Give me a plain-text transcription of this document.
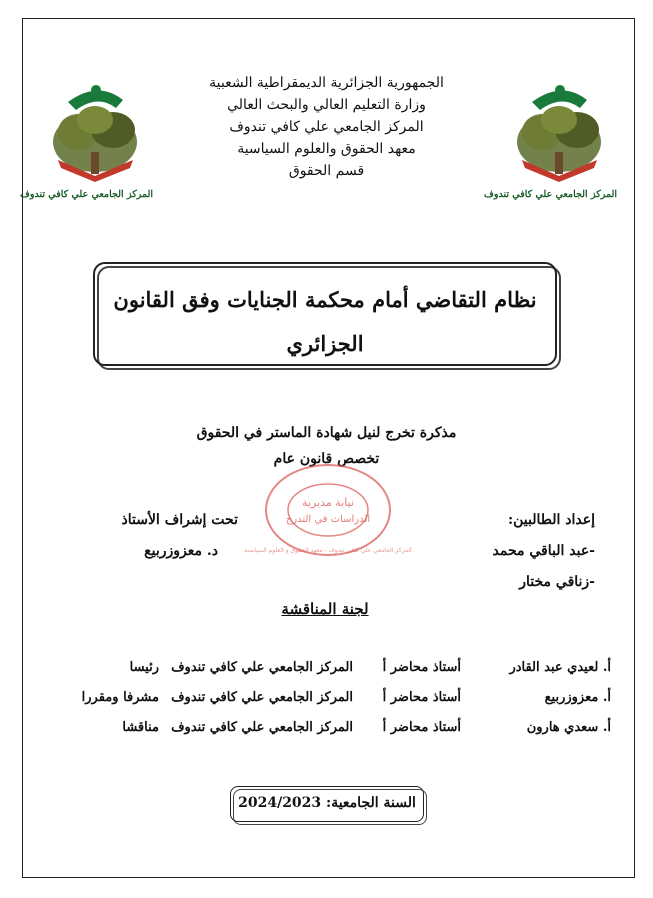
المركز الجامعي علي كافي تندوف	المركز الجامعي علي كافي تندوف
الجمهورية الجزائرية الديمقراطية الشعبية
وزارة التعليم العالي والبحث العالي
المركز الجامعي علي كافي تندوف
معهد الحقوق والعلوم السياسية
قسم الحقوق
نظام التقاضي أمام محكمة الجنايات وفق القانون
الجزائري
مذكرة تخرج لنيل شهادة الماستر في الحقوق
تخصص قانون عام
نيابة مديرية
الدراسات في التدرج
المركز الجامعي علي كافي تندوف - معهد الحقوق و العلوم السياسية
إعداد الطالبين:
-عبد الباقي محمد
-زناقي مختار
تحت إشراف الأستاذ
د. معزوزربيع
لجنة المناقشة
أ. لعيدي عبد القادر
أستاذ محاضر أ
المركز الجامعي علي كافي تندوف
رئيسا
أ. معزوزربيع
أستاذ محاضر أ
المركز الجامعي علي كافي تندوف
مشرفا ومقررا
أ. سعدي هارون
أستاذ محاضر أ
المركز الجامعي علي كافي تندوف
مناقشا
السنة الجامعية: 2024/2023
